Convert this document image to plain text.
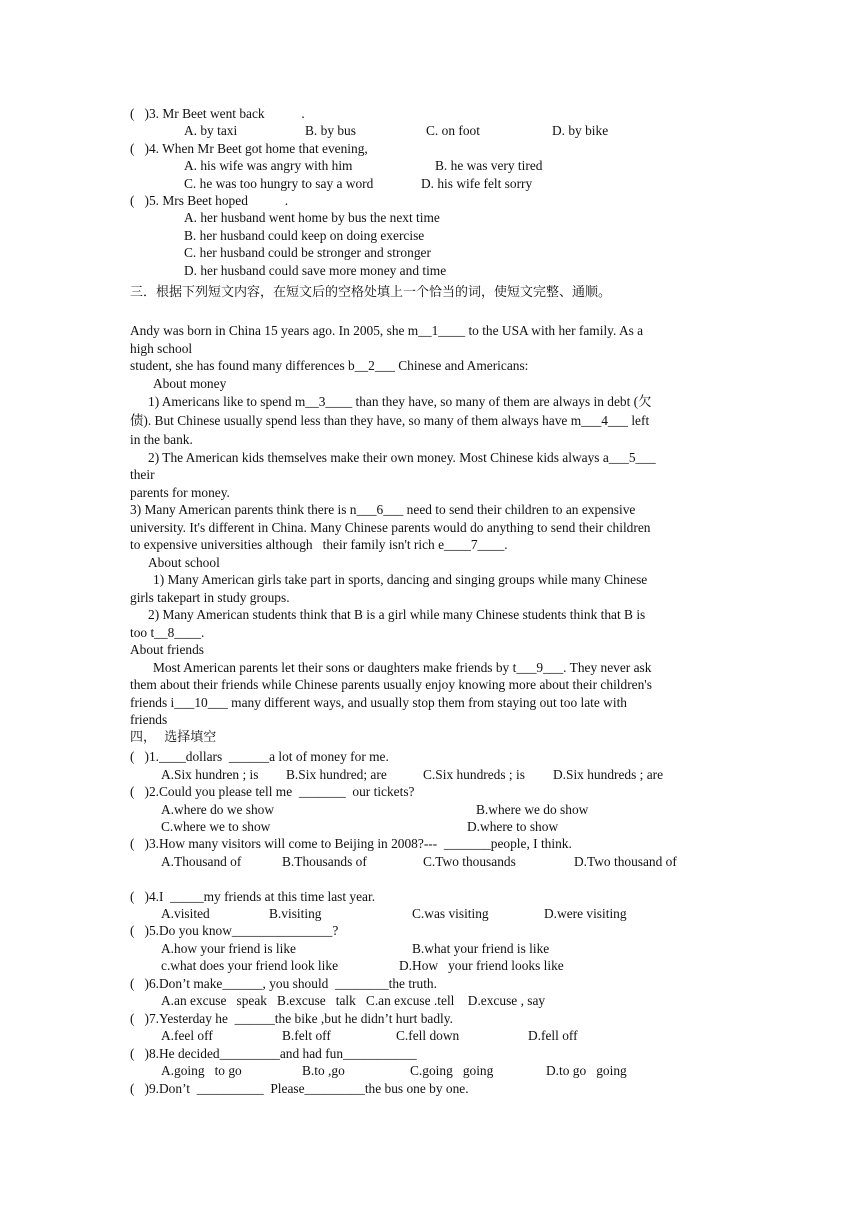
(   )3. Mr Beet went back           .
A. by taxi	B. by bus	C. on foot	D. by bike
(   )4. When Mr Beet got home that evening,
A. his wife was angry with him	B. he was very tired
C. he was too hungry to say a word	D. his wife felt sorry
(   )5. Mrs Beet hoped           .
A. her husband went home by bus the next time
B. her husband could keep on doing exercise
C. her husband could be stronger and stronger
D. her husband could save more money and time
三．根据下列短文内容，在短文后的空格处填上一个恰当的词，使短文完整、通顺。
Andy was born in China 15 years ago. In 2005, she m__1____ to the USA with her family. As a
high school
student, she has found many differences b__2___ Chinese and Americans:
About money
1) Americans like to spend m__3____ than they have, so many of them are always in debt (欠
债). But Chinese usually spend less than they have, so many of them always have m___4___ left
in the bank.
2) The American kids themselves make their own money. Most Chinese kids always a___5___
their
parents for money.
3) Many American parents think there is n___6___ need to send their children to an expensive
university. It's different in China. Many Chinese parents would do anything to send their children
to expensive universities although   their family isn't rich e____7____.
About school
1) Many American girls take part in sports, dancing and singing groups while many Chinese
girls takepart in study groups.
2) Many American students think that B is a girl while many Chinese students think that B is
too t__8____.
About friends
Most American parents let their sons or daughters make friends by t___9___. They never ask
them about their friends while Chinese parents usually enjoy knowing more about their children's
friends i___10___ many different ways, and usually stop them from staying out too late with
friends
四，  选择填空
(   )1.____dollars  ______a lot of money for me.
A.Six hundren ; is B.Six hundred; are	C.Six hundreds ; is D.Six hundreds ; are
(   )2.Could you please tell me  _______  our tickets?
A.where do we show	B.where we do show
C.where we to show	D.where to show
(   )3.How many visitors will come to Beijing in 2008?---  _______people, I think.
A.Thousand of	B.Thousands of	C.Two thousands	D.Two thousand of
(   )4.I  _____my friends at this time last year.
A.visited	B.visiting	C.was visiting	D.were visiting
(   )5.Do you know_______________?
A.how your friend is like	B.what your friend is like
c.what does your friend look like	D.How   your friend looks like
(   )6.Don’t make______, you should  ________the truth.
A.an excuse   speak   B.excuse   talk   C.an excuse .tell    D.excuse , say
(   )7.Yesterday he  ______the bike ,but he didn’t hurt badly.
A.feel off	B.felt off	C.fell down	D.fell off
(   )8.He decided_________and had fun___________
A.going   to go	B.to ,go	C.going   going	D.to go   going
(   )9.Don’t  __________  Please_________the bus one by one.
